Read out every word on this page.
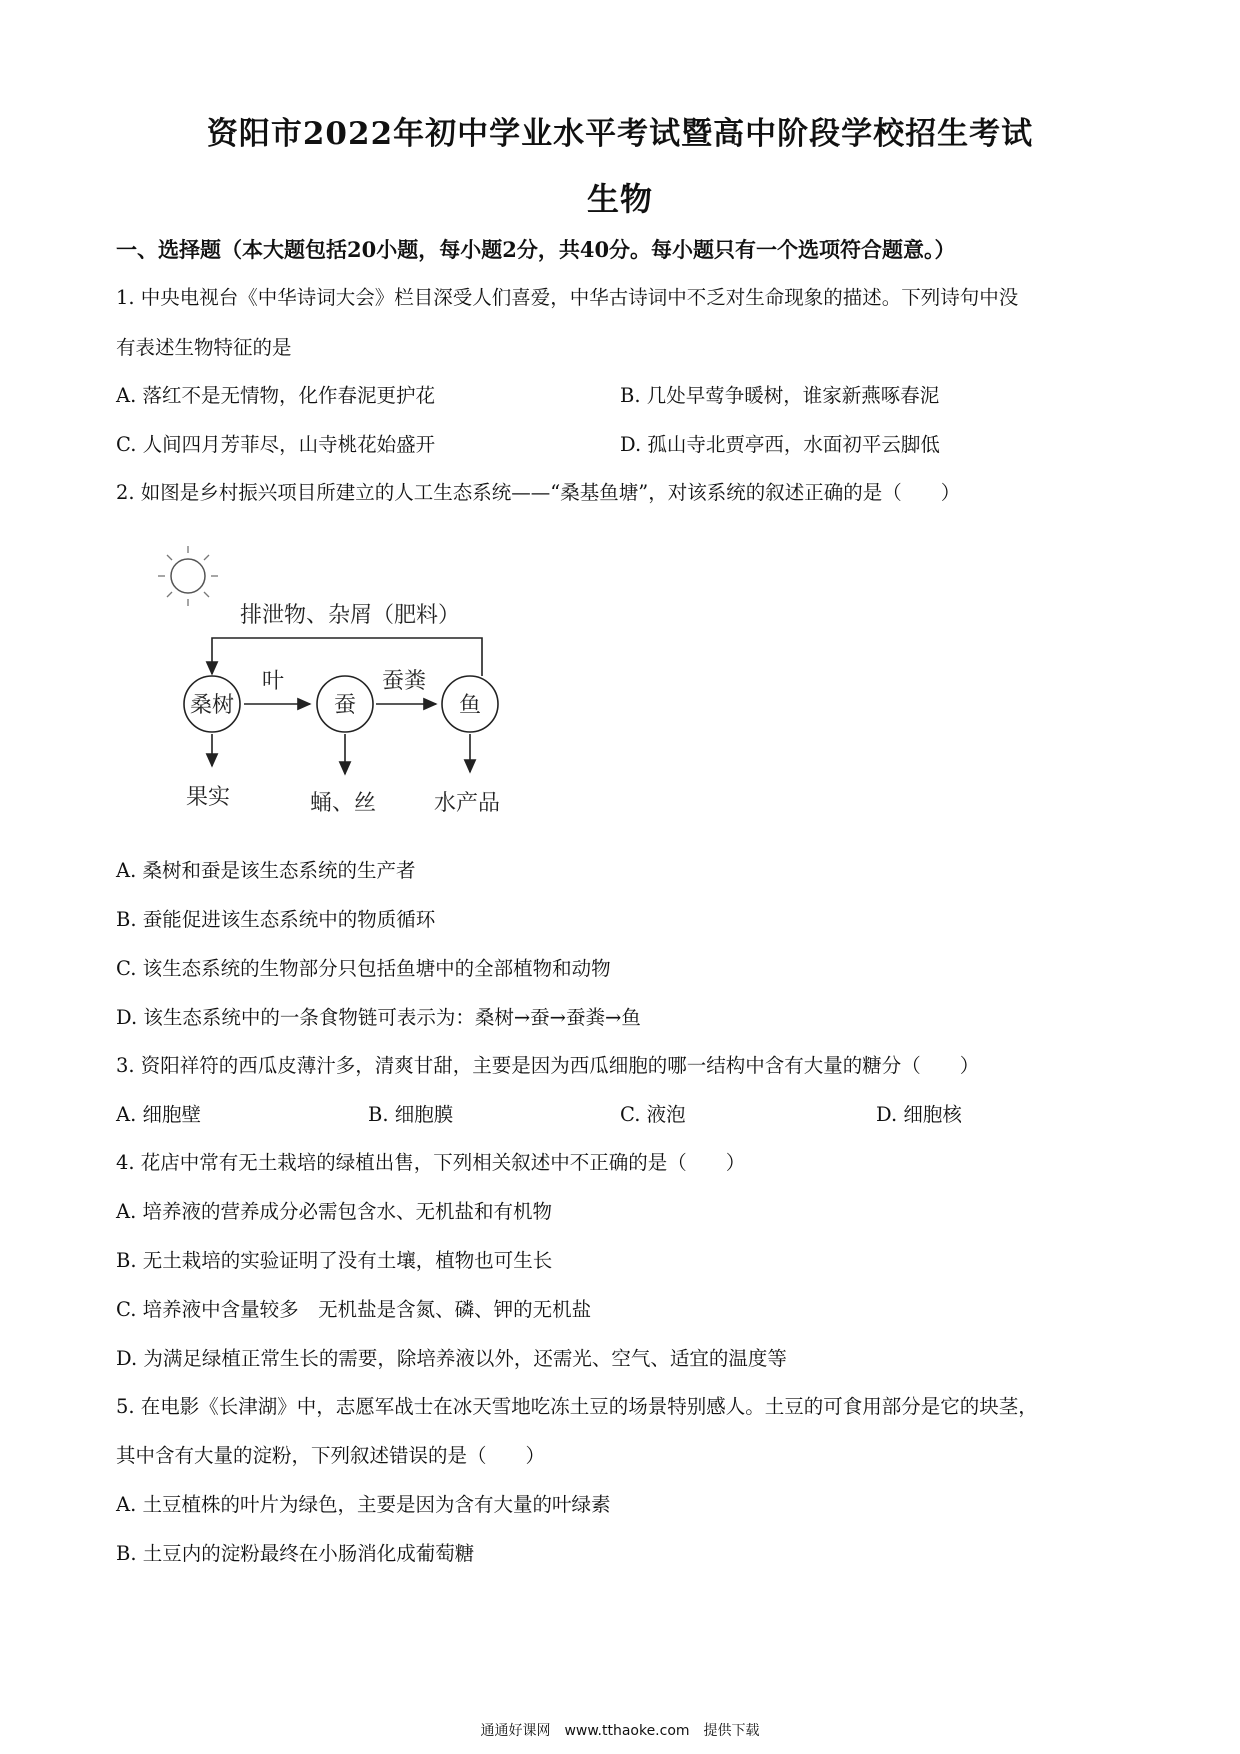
资阳市2022年初中学业水平考试暨高中阶段学校招生考试
生物
一、选择题（本大题包括20小题，每小题2分，共40分。每小题只有一个选项符合题意。）
1. 中央电视台《中华诗词大会》栏目深受人们喜爱，中华古诗词中不乏对生命现象的描述。下列诗句中没
有表述生物特征的是
A. 落红不是无情物，化作春泥更护花	B. 几处早莺争暖树，谁家新燕啄春泥
C. 人间四月芳菲尽，山寺桃花始盛开	D. 孤山寺北贾亭西，水面初平云脚低
2. 如图是乡村振兴项目所建立的人工生态系统——“桑基鱼塘”，对该系统的叙述正确的是（　　）
排泄物、杂屑（肥料）
桑树	蚕	鱼
叶	蚕粪
果实	蛹、丝	水产品
A. 桑树和蚕是该生态系统的生产者
B. 蚕能促进该生态系统中的物质循环
C. 该生态系统的生物部分只包括鱼塘中的全部植物和动物
D. 该生态系统中的一条食物链可表示为：桑树→蚕→蚕粪→鱼
3. 资阳祥符的西瓜皮薄汁多，清爽甘甜，主要是因为西瓜细胞的哪一结构中含有大量的糖分（　　）
A. 细胞壁	B. 细胞膜	C. 液泡	D. 细胞核
4. 花店中常有无土栽培的绿植出售，下列相关叙述中不正确的是（　　）
A. 培养液的营养成分必需包含水、无机盐和有机物
B. 无土栽培的实验证明了没有土壤，植物也可生长
C. 培养液中含量较多　无机盐是含氮、磷、钾的无机盐
D. 为满足绿植正常生长的需要，除培养液以外，还需光、空气、适宜的温度等
5. 在电影《长津湖》中，志愿军战士在冰天雪地吃冻土豆的场景特别感人。土豆的可食用部分是它的块茎，
其中含有大量的淀粉，下列叙述错误的是（　　）
A. 土豆植株的叶片为绿色，主要是因为含有大量的叶绿素
B. 土豆内的淀粉最终在小肠消化成葡萄糖
通通好课网　www.tthaoke.com　提供下载
